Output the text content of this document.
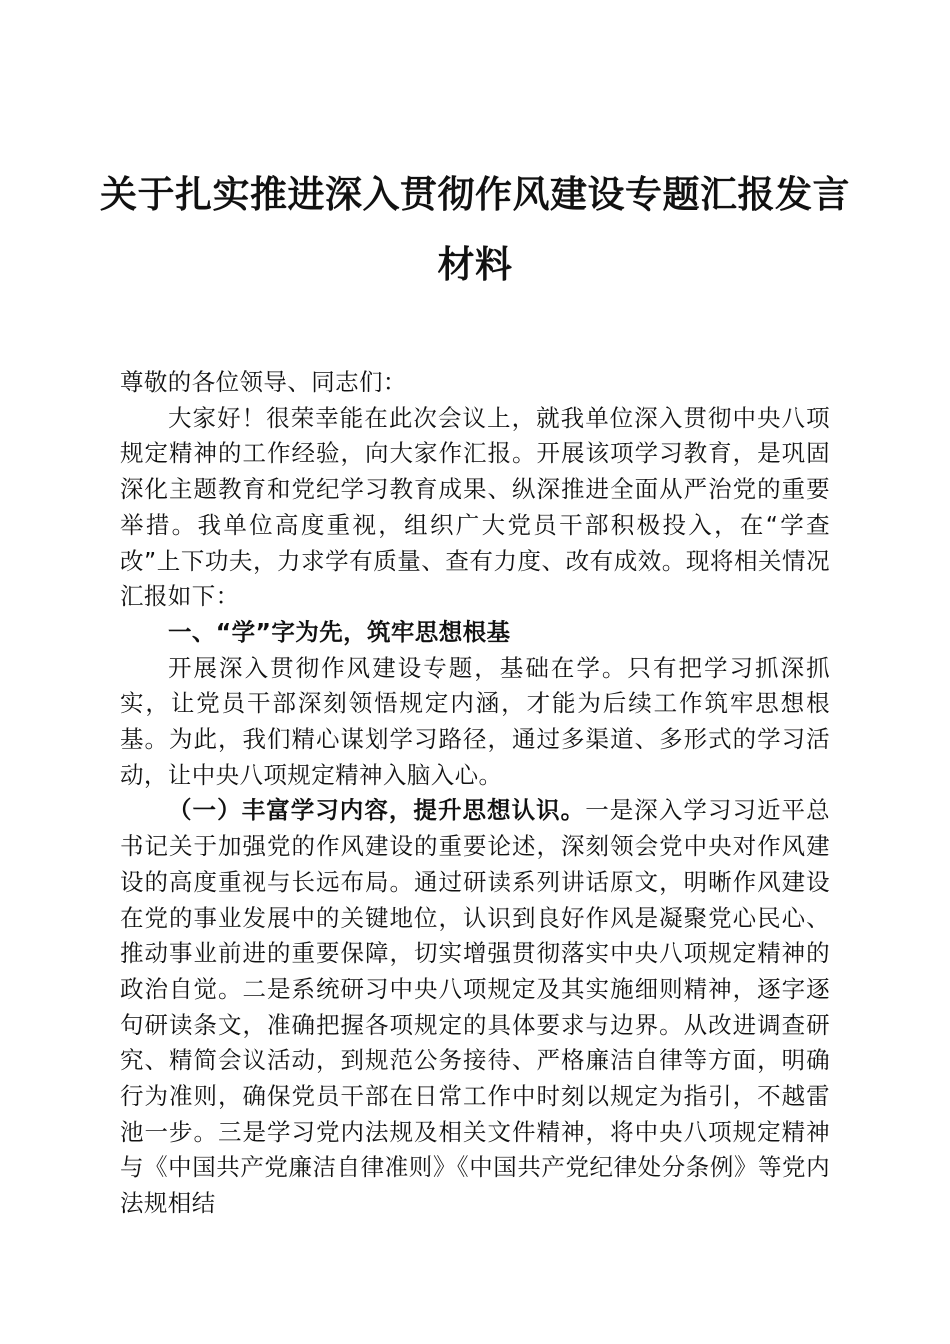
关于扎实推进深入贯彻作风建设专题汇报发言
材料

尊敬的各位领导、同志们：

大家好！很荣幸能在此次会议上，就我单位深入贯彻中央八项规定精神的工作经验，向大家作汇报。开展该项学习教育，是巩固深化主题教育和党纪学习教育成果、纵深推进全面从严治党的重要举措。我单位高度重视，组织广大党员干部积极投入，在“学查改”上下功夫，力求学有质量、查有力度、改有成效。现将相关情况汇报如下：

一、“学”字为先，筑牢思想根基

开展深入贯彻作风建设专题，基础在学。只有把学习抓深抓实，让党员干部深刻领悟规定内涵，才能为后续工作筑牢思想根基。为此，我们精心谋划学习路径，通过多渠道、多形式的学习活动，让中央八项规定精神入脑入心。

（一）丰富学习内容，提升思想认识。一是深入学习习近平总书记关于加强党的作风建设的重要论述，深刻领会党中央对作风建设的高度重视与长远布局。通过研读系列讲话原文，明晰作风建设在党的事业发展中的关键地位，认识到良好作风是凝聚党心民心、推动事业前进的重要保障，切实增强贯彻落实中央八项规定精神的政治自觉。二是系统研习中央八项规定及其实施细则精神，逐字逐句研读条文，准确把握各项规定的具体要求与边界。从改进调查研究、精简会议活动，到规范公务接待、严格廉洁自律等方面，明确行为准则，确保党员干部在日常工作中时刻以规定为指引，不越雷池一步。三是学习党内法规及相关文件精神，将中央八项规定精神与《中国共产党廉洁自律准则》《中国共产党纪律处分条例》等党内法规相结
